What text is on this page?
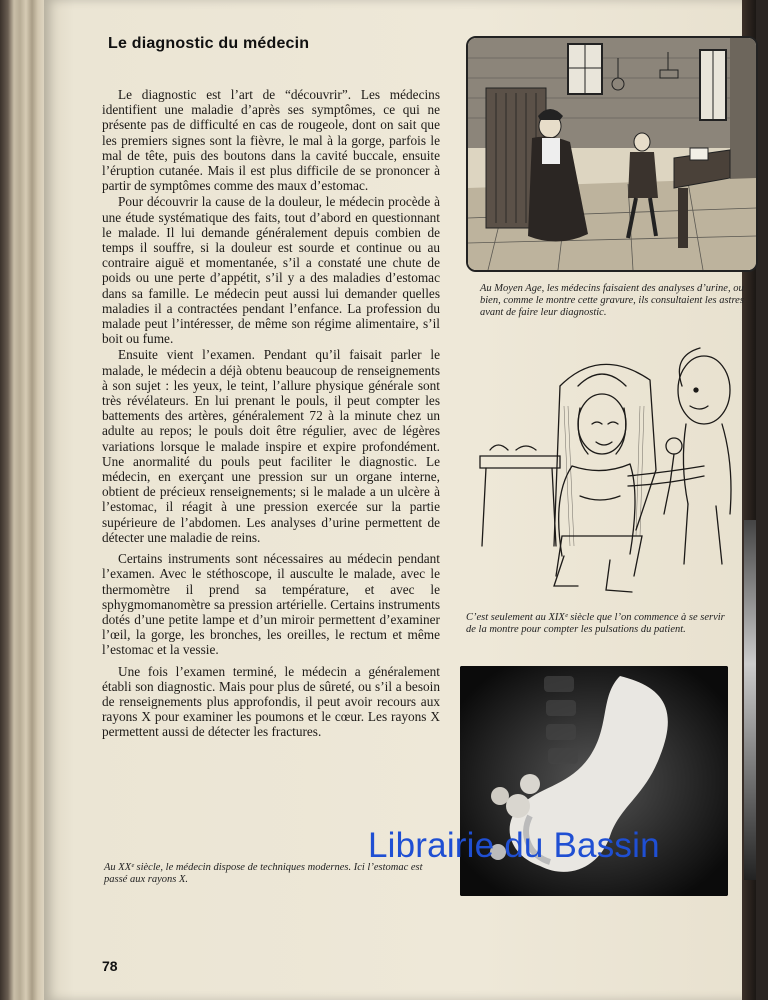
Le diagnostic du médecin

Le diagnostic est l’art de “découvrir”. Les médecins identifient une maladie d’après ses symptômes, ce qui ne présente pas de difficulté en cas de rougeole, dont on sait que les premiers signes sont la fièvre, le mal à la gorge, parfois le mal de tête, puis des boutons dans la cavité buccale, ensuite l’éruption cutanée. Mais il est plus difficile de se prononcer à partir de symptômes comme des maux d’estomac.

Pour découvrir la cause de la douleur, le médecin procède à une étude systématique des faits, tout d’abord en questionnant le malade. Il lui demande généralement depuis combien de temps il souffre, si la douleur est sourde et continue ou au contraire aiguë et momentanée, s’il a constaté une chute de poids ou une perte d’appétit, s’il y a des maladies d’estomac dans sa famille. Le médecin peut aussi lui demander quelles maladies il a contractées pendant l’enfance. La profession du malade peut l’intéresser, de même son régime alimentaire, s’il boit ou fume.

Ensuite vient l’examen. Pendant qu’il faisait parler le malade, le médecin a déjà obtenu beaucoup de renseignements à son sujet : les yeux, le teint, l’allure physique générale sont très révélateurs. En lui prenant le pouls, il peut compter les battements des artères, généralement 72 à la minute chez un adulte au repos; le pouls doit être régulier, avec de légères variations lorsque le malade inspire et expire profondément. Une anormalité du pouls peut faciliter le diagnostic. Le médecin, en exerçant une pression sur un organe interne, obtient de précieux renseignements; si le malade a un ulcère à l’estomac, il réagit à une pression exercée sur la partie supérieure de l’abdomen. Les analyses d’urine permettent de détecter une maladie de reins.

Certains instruments sont nécessaires au médecin pendant l’examen. Avec le stéthoscope, il ausculte le malade, avec le thermomètre il prend sa température, et avec le sphygmomanomètre sa pression artérielle. Certains instruments dotés d’une petite lampe et d’un miroir permettent d’examiner l’œil, la gorge, les bronches, les oreilles, le rectum et même l’estomac et la vessie.

Une fois l’examen terminé, le médecin a généralement établi son diagnostic. Mais pour plus de sûreté, ou s’il a besoin de renseignements plus approfondis, il peut avoir recours aux rayons X pour examiner les poumons et le cœur. Les rayons X permettent aussi de détecter les fractures.

Au Moyen Age, les médecins faisaient des analyses d’urine, ou bien, comme le montre cette gravure, ils consultaient les astres avant de faire leur diagnostic.
C’est seulement au XIXᵉ siècle que l’on commence à se servir de la montre pour compter les pulsations du patient.
Au XXᵉ siècle, le médecin dispose de techniques modernes. Ici l’estomac est passé aux rayons X.
Librairie du Bassin
78
